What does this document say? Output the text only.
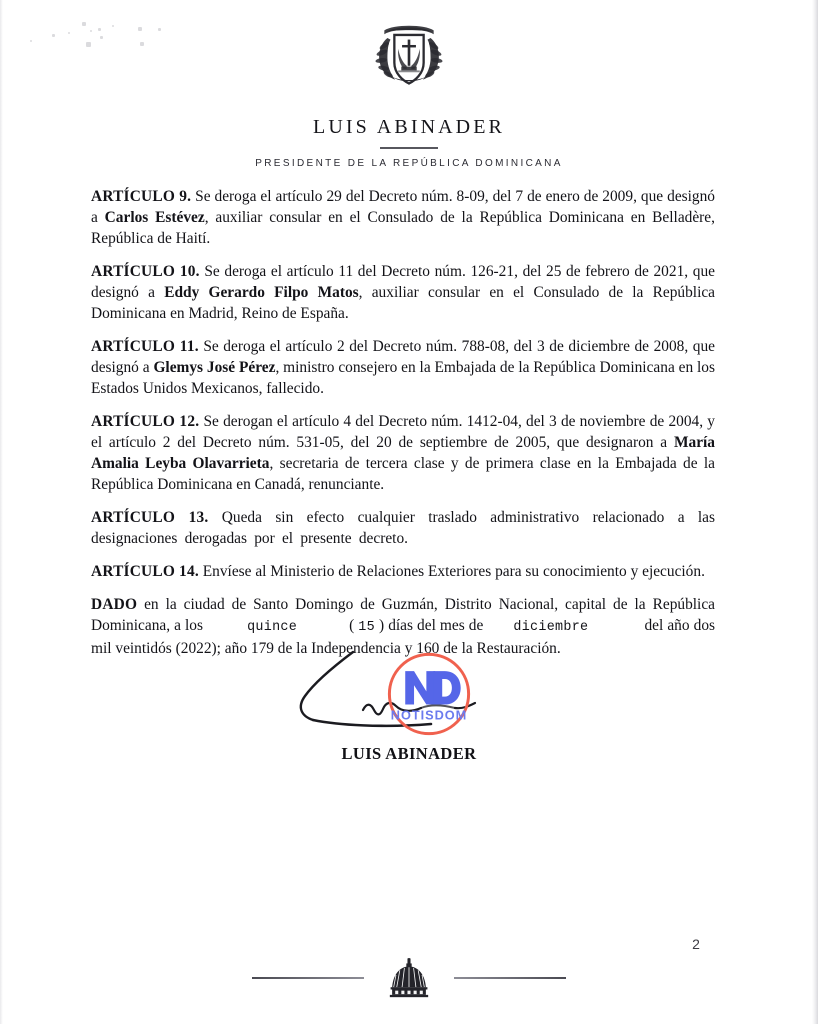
LUIS ABINADER
PRESIDENTE DE LA REPÚBLICA DOMINICANA

ARTÍCULO 9. Se deroga el artículo 29 del Decreto núm. 8-09, del 7 de enero de 2009, que designó a Carlos Estévez, auxiliar consular en el Consulado de la República Dominicana en Belladère, República de Haití.

ARTÍCULO 10. Se deroga el artículo 11 del Decreto núm. 126-21, del 25 de febrero de 2021, que designó a Eddy Gerardo Filpo Matos, auxiliar consular en el Consulado de la República Dominicana en Madrid, Reino de España.

ARTÍCULO 11. Se deroga el artículo 2 del Decreto núm. 788-08, del 3 de diciembre de 2008, que designó a Glemys José Pérez, ministro consejero en la Embajada de la República Dominicana en los Estados Unidos Mexicanos, fallecido.

ARTÍCULO 12. Se derogan el artículo 4 del Decreto núm. 1412-04, del 3 de noviembre de 2004, y el artículo 2 del Decreto núm. 531-05, del 20 de septiembre de 2005, que designaron a María Amalia Leyba Olavarrieta, secretaria de tercera clase y de primera clase en la Embajada de la República Dominicana en Canadá, renunciante.

ARTÍCULO 13. Queda sin efecto cualquier traslado administrativo relacionado a las designaciones derogadas por el presente decreto.

ARTÍCULO 14. Envíese al Ministerio de Relaciones Exteriores para su conocimiento y ejecución.

DADO en la ciudad de Santo Domingo de Guzmán, Distrito Nacional, capital de la República Dominicana, a los	quince	( 15 ) días del mes de diciembre	del año dos mil veintidós (2022); año 179 de la Independencia y 160 de la Restauración.

NOTISDOM
LUIS ABINADER
2
